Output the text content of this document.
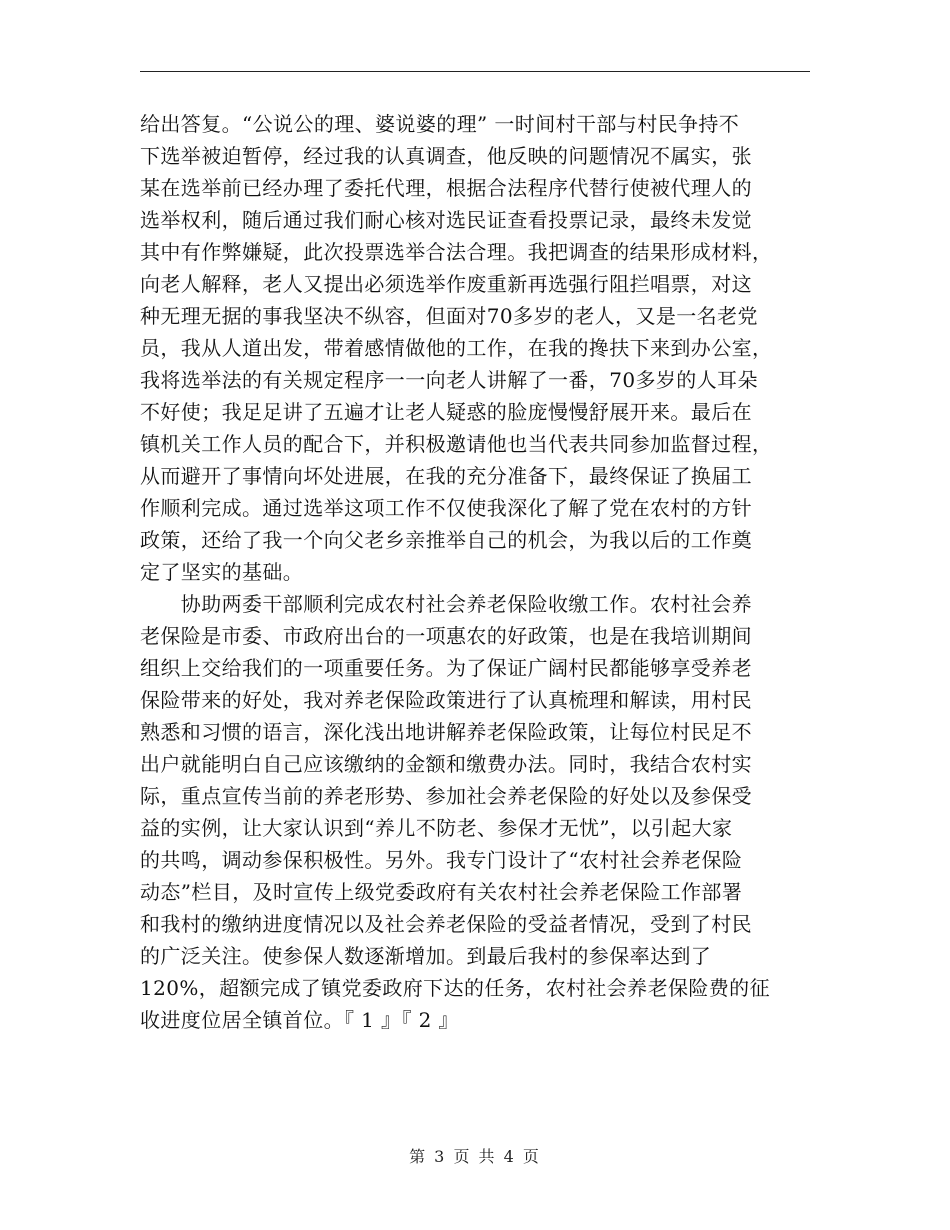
给出答复。“公说公的理、婆说婆的理” 一时间村干部与村民争持不
下选举被迫暂停，经过我的认真调查，他反映的问题情况不属实，张
某在选举前已经办理了委托代理，根据合法程序代替行使被代理人的
选举权利，随后通过我们耐心核对选民证查看投票记录，最终未发觉
其中有作弊嫌疑，此次投票选举合法合理。我把调查的结果形成材料，
向老人解释，老人又提出必须选举作废重新再选强行阻拦唱票，对这
种无理无据的事我坚决不纵容，但面对70多岁的老人，又是一名老党
员，我从人道出发，带着感情做他的工作，在我的搀扶下来到办公室，
我将选举法的有关规定程序一一向老人讲解了一番，70多岁的人耳朵
不好使；我足足讲了五遍才让老人疑惑的脸庞慢慢舒展开来。最后在
镇机关工作人员的配合下，并积极邀请他也当代表共同参加监督过程，
从而避开了事情向坏处进展，在我的充分准备下，最终保证了换届工
作顺利完成。通过选举这项工作不仅使我深化了解了党在农村的方针
政策，还给了我一个向父老乡亲推举自己的机会，为我以后的工作奠
定了坚实的基础。
　　协助两委干部顺利完成农村社会养老保险收缴工作。农村社会养
老保险是市委、市政府出台的一项惠农的好政策，也是在我培训期间
组织上交给我们的一项重要任务。为了保证广阔村民都能够享受养老
保险带来的好处，我对养老保险政策进行了认真梳理和解读，用村民
熟悉和习惯的语言，深化浅出地讲解养老保险政策，让每位村民足不
出户就能明白自己应该缴纳的金额和缴费办法。同时，我结合农村实
际，重点宣传当前的养老形势、参加社会养老保险的好处以及参保受
益的实例，让大家认识到“养儿不防老、参保才无忧”，以引起大家
的共鸣，调动参保积极性。另外。我专门设计了“农村社会养老保险
动态”栏目，及时宣传上级党委政府有关农村社会养老保险工作部署
和我村的缴纳进度情况以及社会养老保险的受益者情况，受到了村民
的广泛关注。使参保人数逐渐增加。到最后我村的参保率达到了
120%，超额完成了镇党委政府下达的任务，农村社会养老保险费的征
收进度位居全镇首位。『 1 』『 2 』
第 3 页 共 4 页
